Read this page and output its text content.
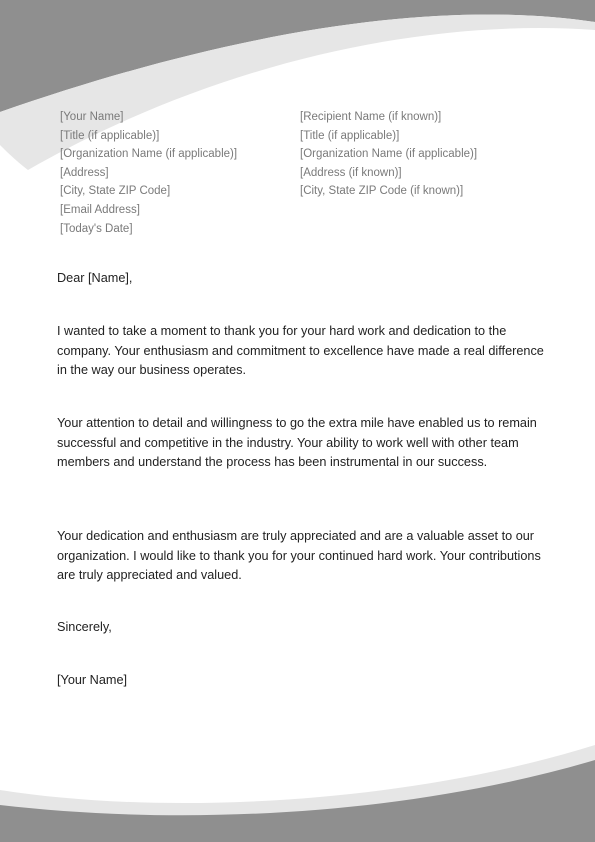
[Your Name]
[Title (if applicable)]
[Organization Name (if applicable)]
[Address]
[City, State ZIP Code]
[Email Address]
[Today's Date]
[Recipient Name (if known)]
[Title (if applicable)]
[Organization Name (if applicable)]
[Address (if known)]
[City, State ZIP Code (if known)]
Dear [Name],
I wanted to take a moment to thank you for your hard work and dedication to the company. Your enthusiasm and commitment to excellence have made a real difference in the way our business operates.
Your attention to detail and willingness to go the extra mile have enabled us to remain successful and competitive in the industry. Your ability to work well with other team members and understand the process has been instrumental in our success.
Your dedication and enthusiasm are truly appreciated and are a valuable asset to our organization. I would like to thank you for your continued hard work. Your contributions are truly appreciated and valued.
Sincerely,
[Your Name]
